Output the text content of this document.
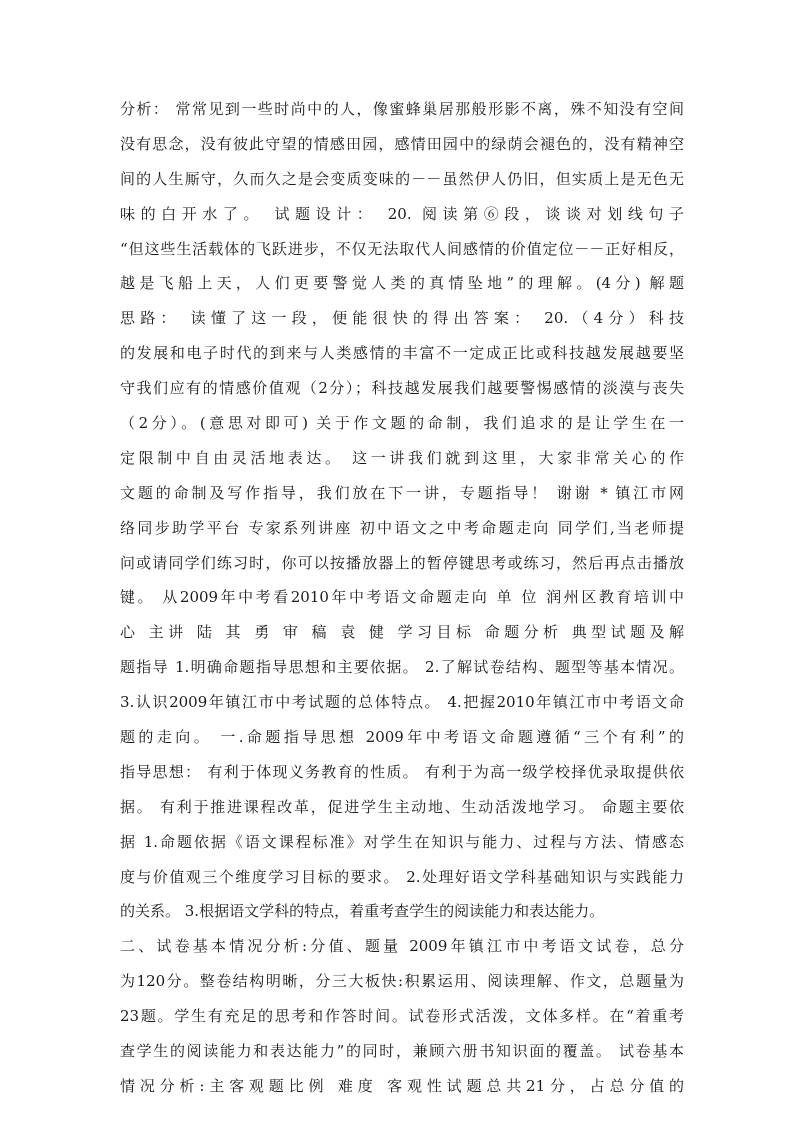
分析： 常常见到一些时尚中的人，像蜜蜂巢居那般形影不离，殊不知没有空间
没有思念，没有彼此守望的情感田园，感情田园中的绿荫会褪色的，没有精神空
间的人生厮守，久而久之是会变质变味的－－虽然伊人仍旧，但实质上是无色无
味的白开水了。 试题设计： 20. 阅读第⑥段，谈谈对划线句子
“但这些生活载体的飞跃进步，不仅无法取代人间感情的价值定位－－正好相反，
越是飞船上天，人们更要警觉人类的真情坠地”的理解。(4分) 解题
思路： 读懂了这一段，便能很快的得出答案： 20.（4分）科技
的发展和电子时代的到来与人类感情的丰富不一定成正比或科技越发展越要坚
守我们应有的情感价值观（2分）；科技越发展我们越要警惕感情的淡漠与丧失
（2分）。(意思对即可) 关于作文题的命制，我们追求的是让学生在一
定限制中自由灵活地表达。 这一讲我们就到这里，大家非常关心的作
文题的命制及写作指导，我们放在下一讲，专题指导！ 谢谢 * 镇江市网
络同步助学平台 专家系列讲座 初中语文之中考命题走向 同学们,当老师提
问或请同学们练习时，你可以按播放器上的暂停键思考或练习，然后再点击播放
键。 从2009年中考看2010年中考语文命题走向 单 位 润州区教育培训中
心 主讲 陆 其 勇 审 稿 袁 健 学习目标 命题分析 典型试题及解
题指导 1.明确命题指导思想和主要依据。 2.了解试卷结构、题型等基本情况。
3.认识2009年镇江市中考试题的总体特点。 4.把握2010年镇江市中考语文命
题的走向。 一.命题指导思想 2009年中考语文命题遵循“三个有利”的
指导思想： 有利于体现义务教育的性质。 有利于为高一级学校择优录取提供依
据。 有利于推进课程改革，促进学生主动地、生动活泼地学习。 命题主要依
据 1.命题依据《语文课程标准》对学生在知识与能力、过程与方法、情感态
度与价值观三个维度学习目标的要求。 2.处理好语文学科基础知识与实践能力
的关系。 3.根据语文学科的特点，着重考查学生的阅读能力和表达能力。
二、试卷基本情况分析:分值、题量 2009年镇江市中考语文试卷，总分
为120分。整卷结构明晰，分三大板快:积累运用、阅读理解、作文，总题量为
23题。学生有充足的思考和作答时间。试卷形式活泼，文体多样。在“着重考
查学生的阅读能力和表达能力”的同时，兼顾六册书知识面的覆盖。 试卷基本
情况分析:主客观题比例 难度 客观性试题总共21分，占总分值的
